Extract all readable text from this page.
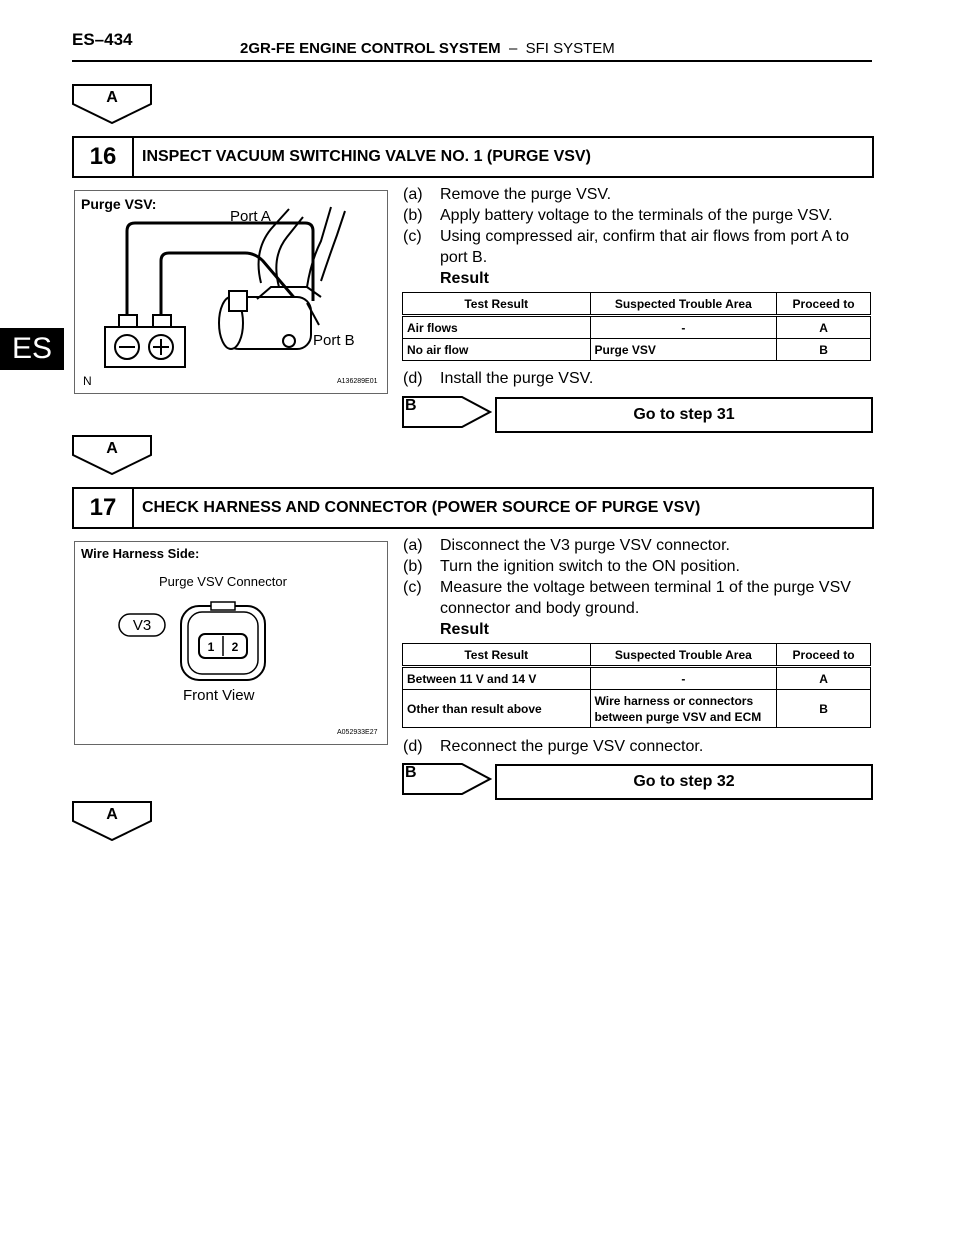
ES–434	2GR-FE ENGINE CONTROL SYSTEM – SFI SYSTEM
ES
A
16	INSPECT VACUUM SWITCHING VALVE NO. 1 (PURGE VSV)
Purge VSV:
Port A
Port B
N	A136289E01
(a) Remove the purge VSV.
(b) Apply battery voltage to the terminals of the purge VSV.
(c) Using compressed air, confirm that air flows from port A to port B.
Result
Test Result	Suspected Trouble Area	Proceed to
Air flows	-	A
No air flow	Purge VSV	B
(d) Install the purge VSV.
B
Go to step 31
A
17	CHECK HARNESS AND CONNECTOR (POWER SOURCE OF PURGE VSV)
Wire Harness Side:
Purge VSV Connector
V3
1 2
Front View
A052933E27
(a) Disconnect the V3 purge VSV connector.
(b) Turn the ignition switch to the ON position.
(c) Measure the voltage between terminal 1 of the purge VSV connector and body ground.
Result
Test Result	Suspected Trouble Area	Proceed to
Between 11 V and 14 V	-	A
Other than result above	Wire harness or connectors between purge VSV and ECM	B
(d) Reconnect the purge VSV connector.
B
Go to step 32
A
